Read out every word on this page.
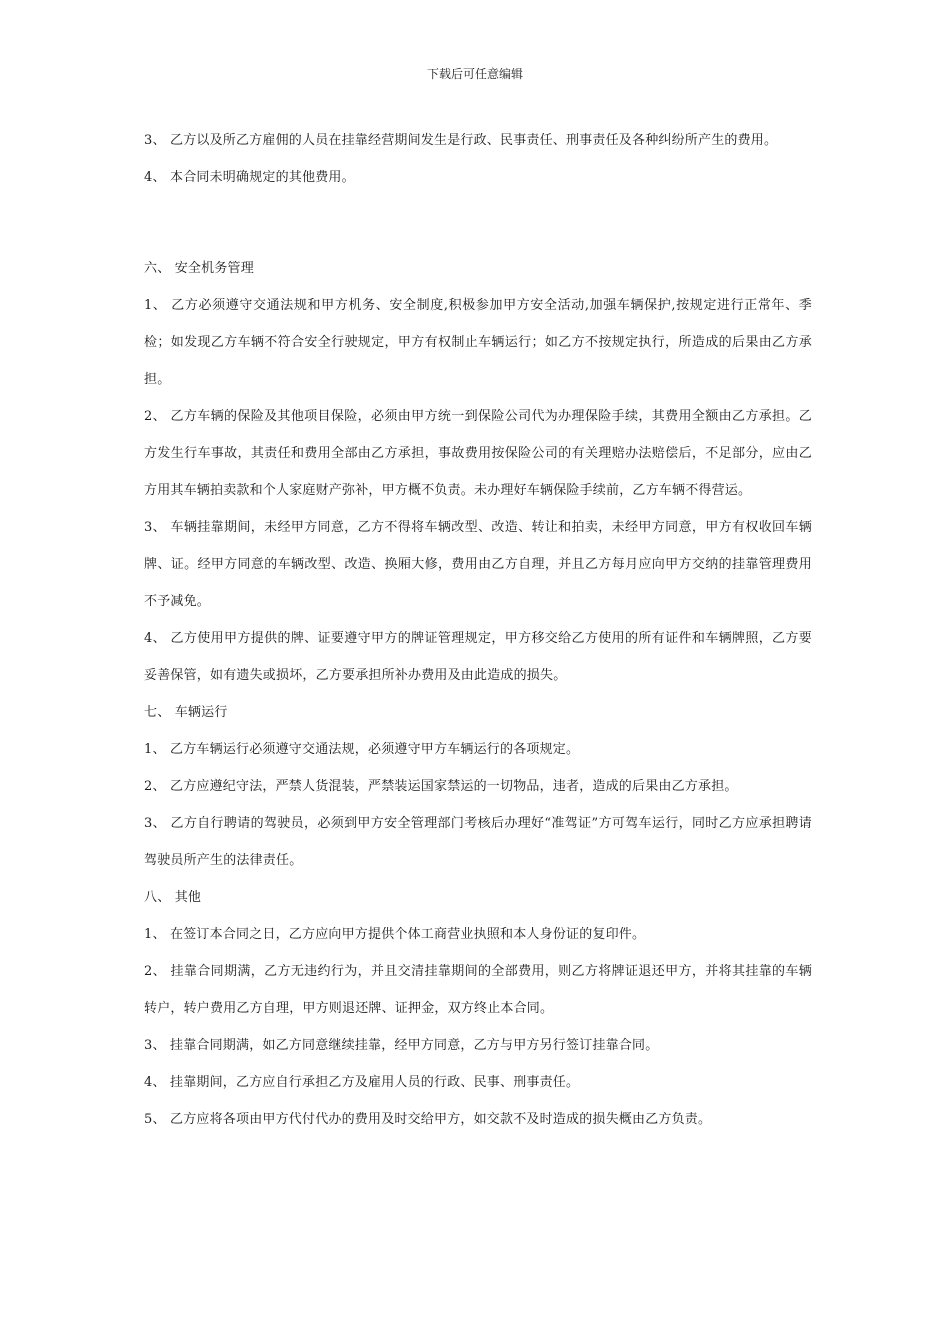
下载后可任意编辑

3、 乙方以及所乙方雇佣的人员在挂靠经营期间发生是行政、民事责任、刑事责任及各种纠纷所产生的费用。

4、 本合同未明确规定的其他费用。

六、 安全机务管理

1、 乙方必须遵守交通法规和甲方机务、安全制度,积极参加甲方安全活动,加强车辆保护,按规定进行正常年、季检；如发现乙方车辆不符合安全行驶规定，甲方有权制止车辆运行；如乙方不按规定执行，所造成的后果由乙方承担。

2、 乙方车辆的保险及其他项目保险，必须由甲方统一到保险公司代为办理保险手续，其费用全额由乙方承担。乙方发生行车事故，其责任和费用全部由乙方承担，事故费用按保险公司的有关理赔办法赔偿后，不足部分，应由乙方用其车辆拍卖款和个人家庭财产弥补，甲方概不负责。未办理好车辆保险手续前，乙方车辆不得营运。

3、 车辆挂靠期间，未经甲方同意，乙方不得将车辆改型、改造、转让和拍卖，未经甲方同意，甲方有权收回车辆牌、证。经甲方同意的车辆改型、改造、换厢大修，费用由乙方自理，并且乙方每月应向甲方交纳的挂靠管理费用不予减免。

4、 乙方使用甲方提供的牌、证要遵守甲方的牌证管理规定，甲方移交给乙方使用的所有证件和车辆牌照，乙方要妥善保管，如有遗失或损坏，乙方要承担所补办费用及由此造成的损失。

七、 车辆运行

1、 乙方车辆运行必须遵守交通法规，必须遵守甲方车辆运行的各项规定。

2、 乙方应遵纪守法，严禁人货混装，严禁装运国家禁运的一切物品，违者，造成的后果由乙方承担。

3、 乙方自行聘请的驾驶员，必须到甲方安全管理部门考核后办理好“准驾证”方可驾车运行，同时乙方应承担聘请驾驶员所产生的法律责任。

八、 其他

1、 在签订本合同之日，乙方应向甲方提供个体工商营业执照和本人身份证的复印件。

2、 挂靠合同期满，乙方无违约行为，并且交清挂靠期间的全部费用，则乙方将牌证退还甲方，并将其挂靠的车辆转户，转户费用乙方自理，甲方则退还牌、证押金，双方终止本合同。

3、 挂靠合同期满，如乙方同意继续挂靠，经甲方同意，乙方与甲方另行签订挂靠合同。

4、 挂靠期间，乙方应自行承担乙方及雇用人员的行政、民事、刑事责任。

5、 乙方应将各项由甲方代付代办的费用及时交给甲方，如交款不及时造成的损失概由乙方负责。
